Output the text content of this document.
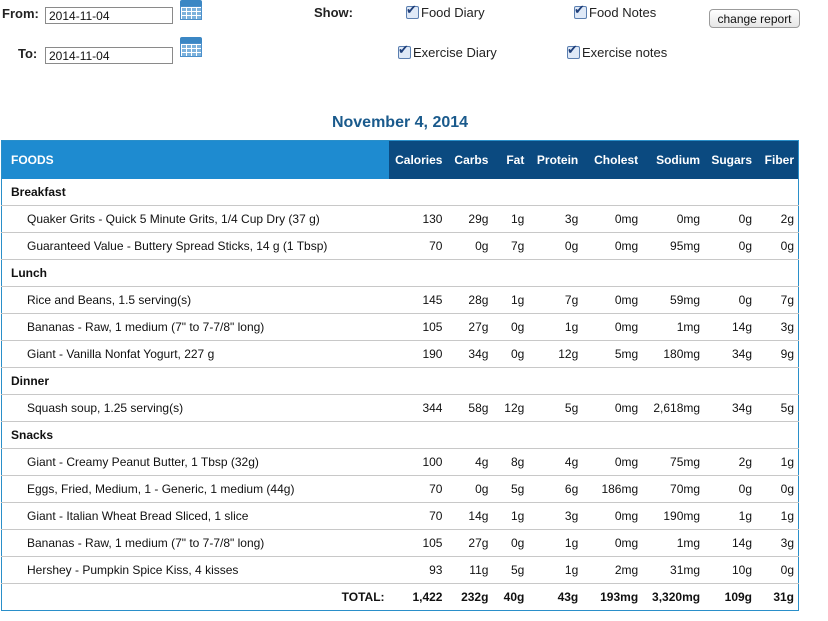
From:
2014-11-04
To:
2014-11-04
Show: ✔	Food Diary ✔	Food Notes
✔
Exercise Diary ✔	Exercise notes
change report
November 4, 2014
FOODS	Calories	Carbs	Fat	Protein	Cholest	Sodium	Sugars	Fiber
Breakfast								
Quaker Grits - Quick 5 Minute Grits, 1/4 Cup Dry (37 g)	130	29g	1g	3g	0mg	0mg	0g	2g
Guaranteed Value - Buttery Spread Sticks, 14 g (1 Tbsp)	70	0g	7g	0g	0mg	95mg	0g	0g
Lunch								
Rice and Beans, 1.5 serving(s)	145	28g	1g	7g	0mg	59mg	0g	7g
Bananas - Raw, 1 medium (7" to 7-7/8" long)	105	27g	0g	1g	0mg	1mg	14g	3g
Giant - Vanilla Nonfat Yogurt, 227 g	190	34g	0g	12g	5mg	180mg	34g	9g
Dinner								
Squash soup, 1.25 serving(s)	344	58g	12g	5g	0mg	2,618mg	34g	5g
Snacks								
Giant - Creamy Peanut Butter, 1 Tbsp (32g)	100	4g	8g	4g	0mg	75mg	2g	1g
Eggs, Fried, Medium, 1 - Generic, 1 medium (44g)	70	0g	5g	6g	186mg	70mg	0g	0g
Giant - Italian Wheat Bread Sliced, 1 slice	70	14g	1g	3g	0mg	190mg	1g	1g
Bananas - Raw, 1 medium (7" to 7-7/8" long)	105	27g	0g	1g	0mg	1mg	14g	3g
Hershey - Pumpkin Spice Kiss, 4 kisses	93	11g	5g	1g	2mg	31mg	10g	0g
TOTAL:	1,422	232g	40g	43g	193mg	3,320mg	109g	31g
